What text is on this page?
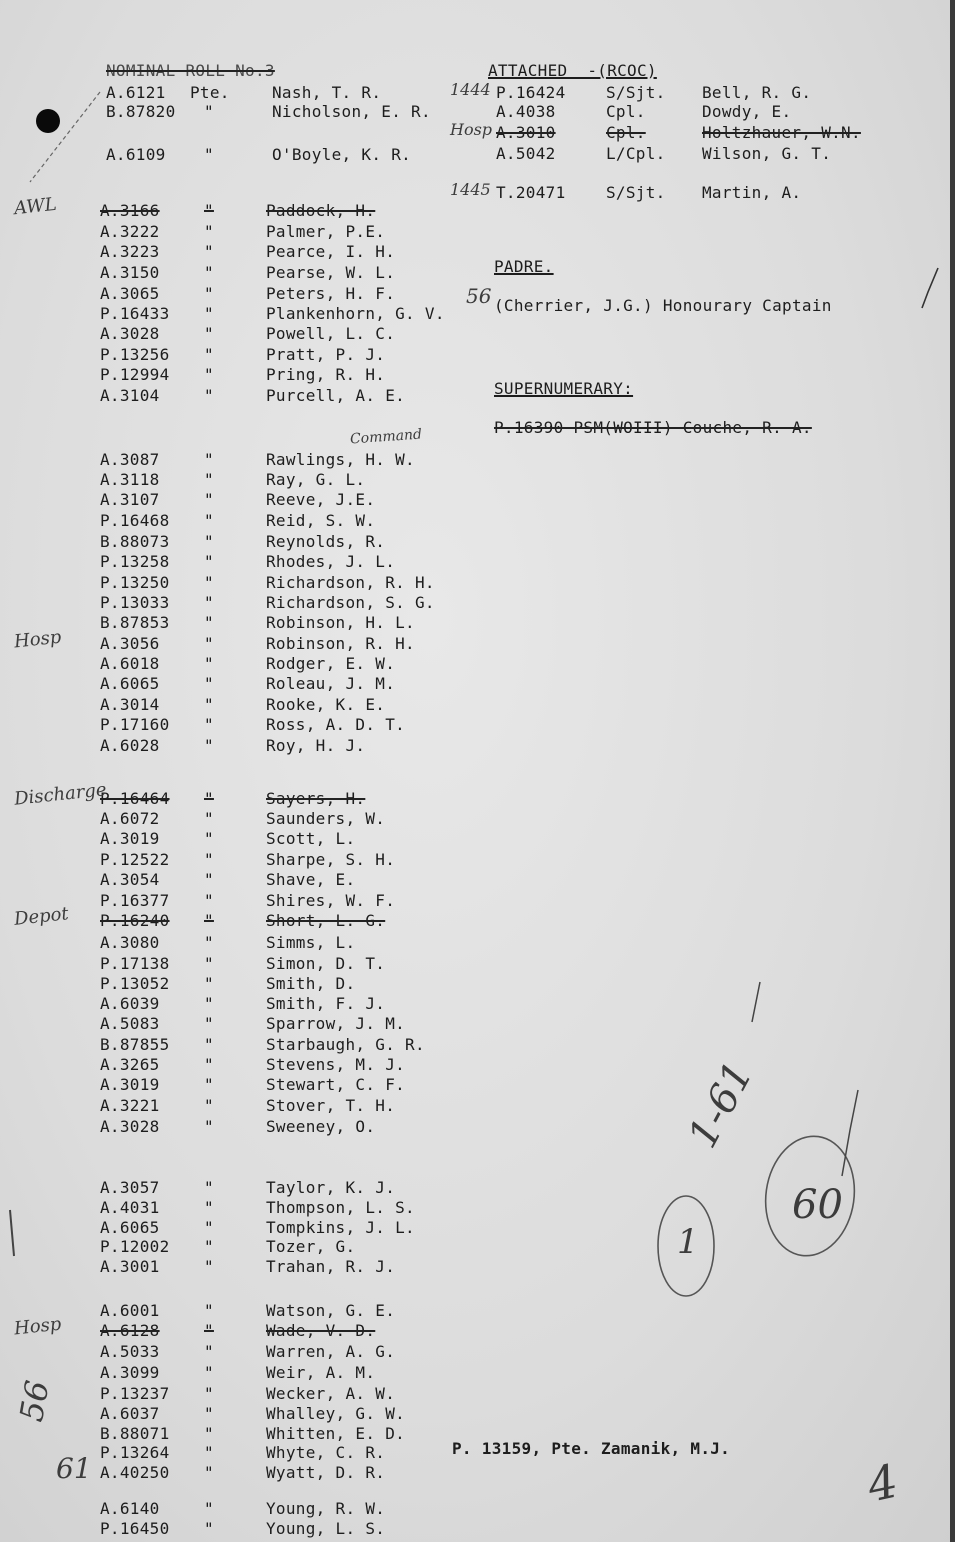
NOMINAL ROLL No.3
A.6121 Pte.	Nash, T. R.
B.87820 "	Nicholson, E. R.
A.6109 "	O'Boyle, K. R.
A.3166	"	Paddock, H.
AWL
A.3222	"	Palmer, P.E.
A.3223	"	Pearce, I. H.
A.3150	"	Pearse, W. L.
A.3065	"	Peters, H. F.
P.16433 "	Plankenhorn, G. V.
A.3028	"	Powell, L. C.
P.13256 "	Pratt, P. J.
P.12994 "	Pring, R. H.
A.3104	"	Purcell, A. E.
A.3087	"	Rawlings, H. W.
Command
A.3118	"	Ray, G. L.
A.3107	"	Reeve, J.E.
P.16468 "	Reid, S. W.
B.88073 "	Reynolds, R.
P.13258 "	Rhodes, J. L.
P.13250 "	Richardson, R. H.
P.13033 "	Richardson, S. G.
B.87853 "	Robinson, H. L.
A.3056	"	Robinson, R. H.
Hosp
A.6018	"	Rodger, E. W.
A.6065	"	Roleau, J. M.
A.3014	"	Rooke, K. E.
P.17160 "	Ross, A. D. T.
A.6028	"	Roy, H. J.
P.16464 "	Sayers, H.
Discharge
A.6072	"	Saunders, W.
A.3019	"	Scott, L.
P.12522 "	Sharpe, S. H.
A.3054	"	Shave, E.
P.16377 "	Shires, W. F.
P.16240 "	Short, L. G.
Depot
A.3080	"	Simms, L.
P.17138 "	Simon, D. T.
P.13052 "	Smith, D.
A.6039	"	Smith, F. J.
A.5083	"	Sparrow, J. M.
B.87855 "	Starbaugh, G. R.
A.3265	"	Stevens, M. J.
A.3019	"	Stewart, C. F.
A.3221	"	Stover, T. H.
A.3028	"	Sweeney, O.
A.3057	"	Taylor, K. J.
A.4031	"	Thompson, L. S.
A.6065	"	Tompkins, J. L.
P.12002 "	Tozer, G.
A.3001	"	Trahan, R. J.
A.6001	"	Watson, G. E.
A.6128	"	Wade, V. D.
Hosp
A.5033	"	Warren, A. G.
A.3099	"	Weir, A. M.
P.13237 "	Wecker, A. W.
A.6037	"	Whalley, G. W.
B.88071 "	Whitten, E. D.
P.13264 "	Whyte, C. R.
A.40250 "	Wyatt, D. R.
A.6140	"	Young, R. W.
P.16450 "	Young, L. S.
ATTACHED  -(RCOC)
P.16424	S/Sjt. Bell, R. G.
1444
A.4038	Cpl.	Dowdy, E.
A.3010	Cpl.	Holtzhauer, W.N.
Hosp
A.5042	L/Cpl. Wilson, G. T.
T.20471	S/Sjt. Martin, A.
1445
PADRE.
56 (Cherrier, J.G.) Honourary Captain
SUPERNUMERARY:
P.16390 PSM(WOIII) Couche, R. A.
P. 13159, Pte. Zamanik, M.J.
1-61
1
60
4
56
61
